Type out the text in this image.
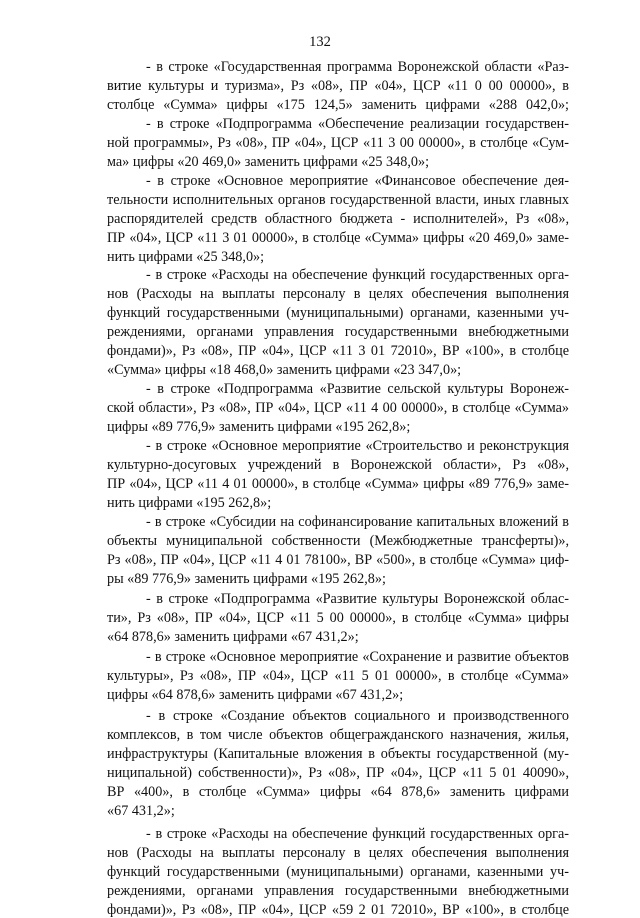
132
- в строке «Государственная программа Воронежской области «Раз-
витие культуры и туризма», Рз «08», ПР «04», ЦСР «11 0 00 00000», в
столбце «Сумма» цифры «175 124,5» заменить цифрами «288 042,0»;
- в строке «Подпрограмма «Обеспечение реализации государствен-
ной программы», Рз «08», ПР «04», ЦСР «11 3 00 00000», в столбце «Сум-
ма» цифры «20 469,0» заменить цифрами «25 348,0»;
- в строке «Основное мероприятие «Финансовое обеспечение дея-
тельности исполнительных органов государственной власти, иных главных
распорядителей средств областного бюджета - исполнителей», Рз «08»,
ПР «04», ЦСР «11 3 01 00000», в столбце «Сумма» цифры «20 469,0» заме-
нить цифрами «25 348,0»;
- в строке «Расходы на обеспечение функций государственных орга-
нов (Расходы на выплаты персоналу в целях обеспечения выполнения
функций государственными (муниципальными) органами, казенными уч-
реждениями, органами управления государственными внебюджетными
фондами)», Рз «08», ПР «04», ЦСР «11 3 01 72010», ВР «100», в столбце
«Сумма» цифры «18 468,0» заменить цифрами «23 347,0»;
- в строке «Подпрограмма «Развитие сельской культуры Воронеж-
ской области», Рз «08», ПР «04», ЦСР «11 4 00 00000», в столбце «Сумма»
цифры «89 776,9» заменить цифрами «195 262,8»;
- в строке «Основное мероприятие «Строительство и реконструкция
культурно-досуговых учреждений в Воронежской области», Рз «08»,
ПР «04», ЦСР «11 4 01 00000», в столбце «Сумма» цифры «89 776,9» заме-
нить цифрами «195 262,8»;
- в строке «Субсидии на софинансирование капитальных вложений в
объекты муниципальной собственности (Межбюджетные трансферты)»,
Рз «08», ПР «04», ЦСР «11 4 01 78100», ВР «500», в столбце «Сумма» циф-
ры «89 776,9» заменить цифрами «195 262,8»;
- в строке «Подпрограмма «Развитие культуры Воронежской облас-
ти», Рз «08», ПР «04», ЦСР «11 5 00 00000», в столбце «Сумма» цифры
«64 878,6» заменить цифрами «67 431,2»;
- в строке «Основное мероприятие «Сохранение и развитие объектов
культуры», Рз «08», ПР «04», ЦСР «11 5 01 00000», в столбце «Сумма»
цифры «64 878,6» заменить цифрами «67 431,2»;
- в строке «Создание объектов социального и производственного
комплексов, в том числе объектов общегражданского назначения, жилья,
инфраструктуры (Капитальные вложения в объекты государственной (му-
ниципальной) собственности)», Рз «08», ПР «04», ЦСР «11 5 01 40090»,
ВР «400», в столбце «Сумма» цифры «64 878,6» заменить цифрами
«67 431,2»;
- в строке «Расходы на обеспечение функций государственных орга-
нов (Расходы на выплаты персоналу в целях обеспечения выполнения
функций государственными (муниципальными) органами, казенными уч-
реждениями, органами управления государственными внебюджетными
фондами)», Рз «08», ПР «04», ЦСР «59 2 01 72010», ВР «100», в столбце
